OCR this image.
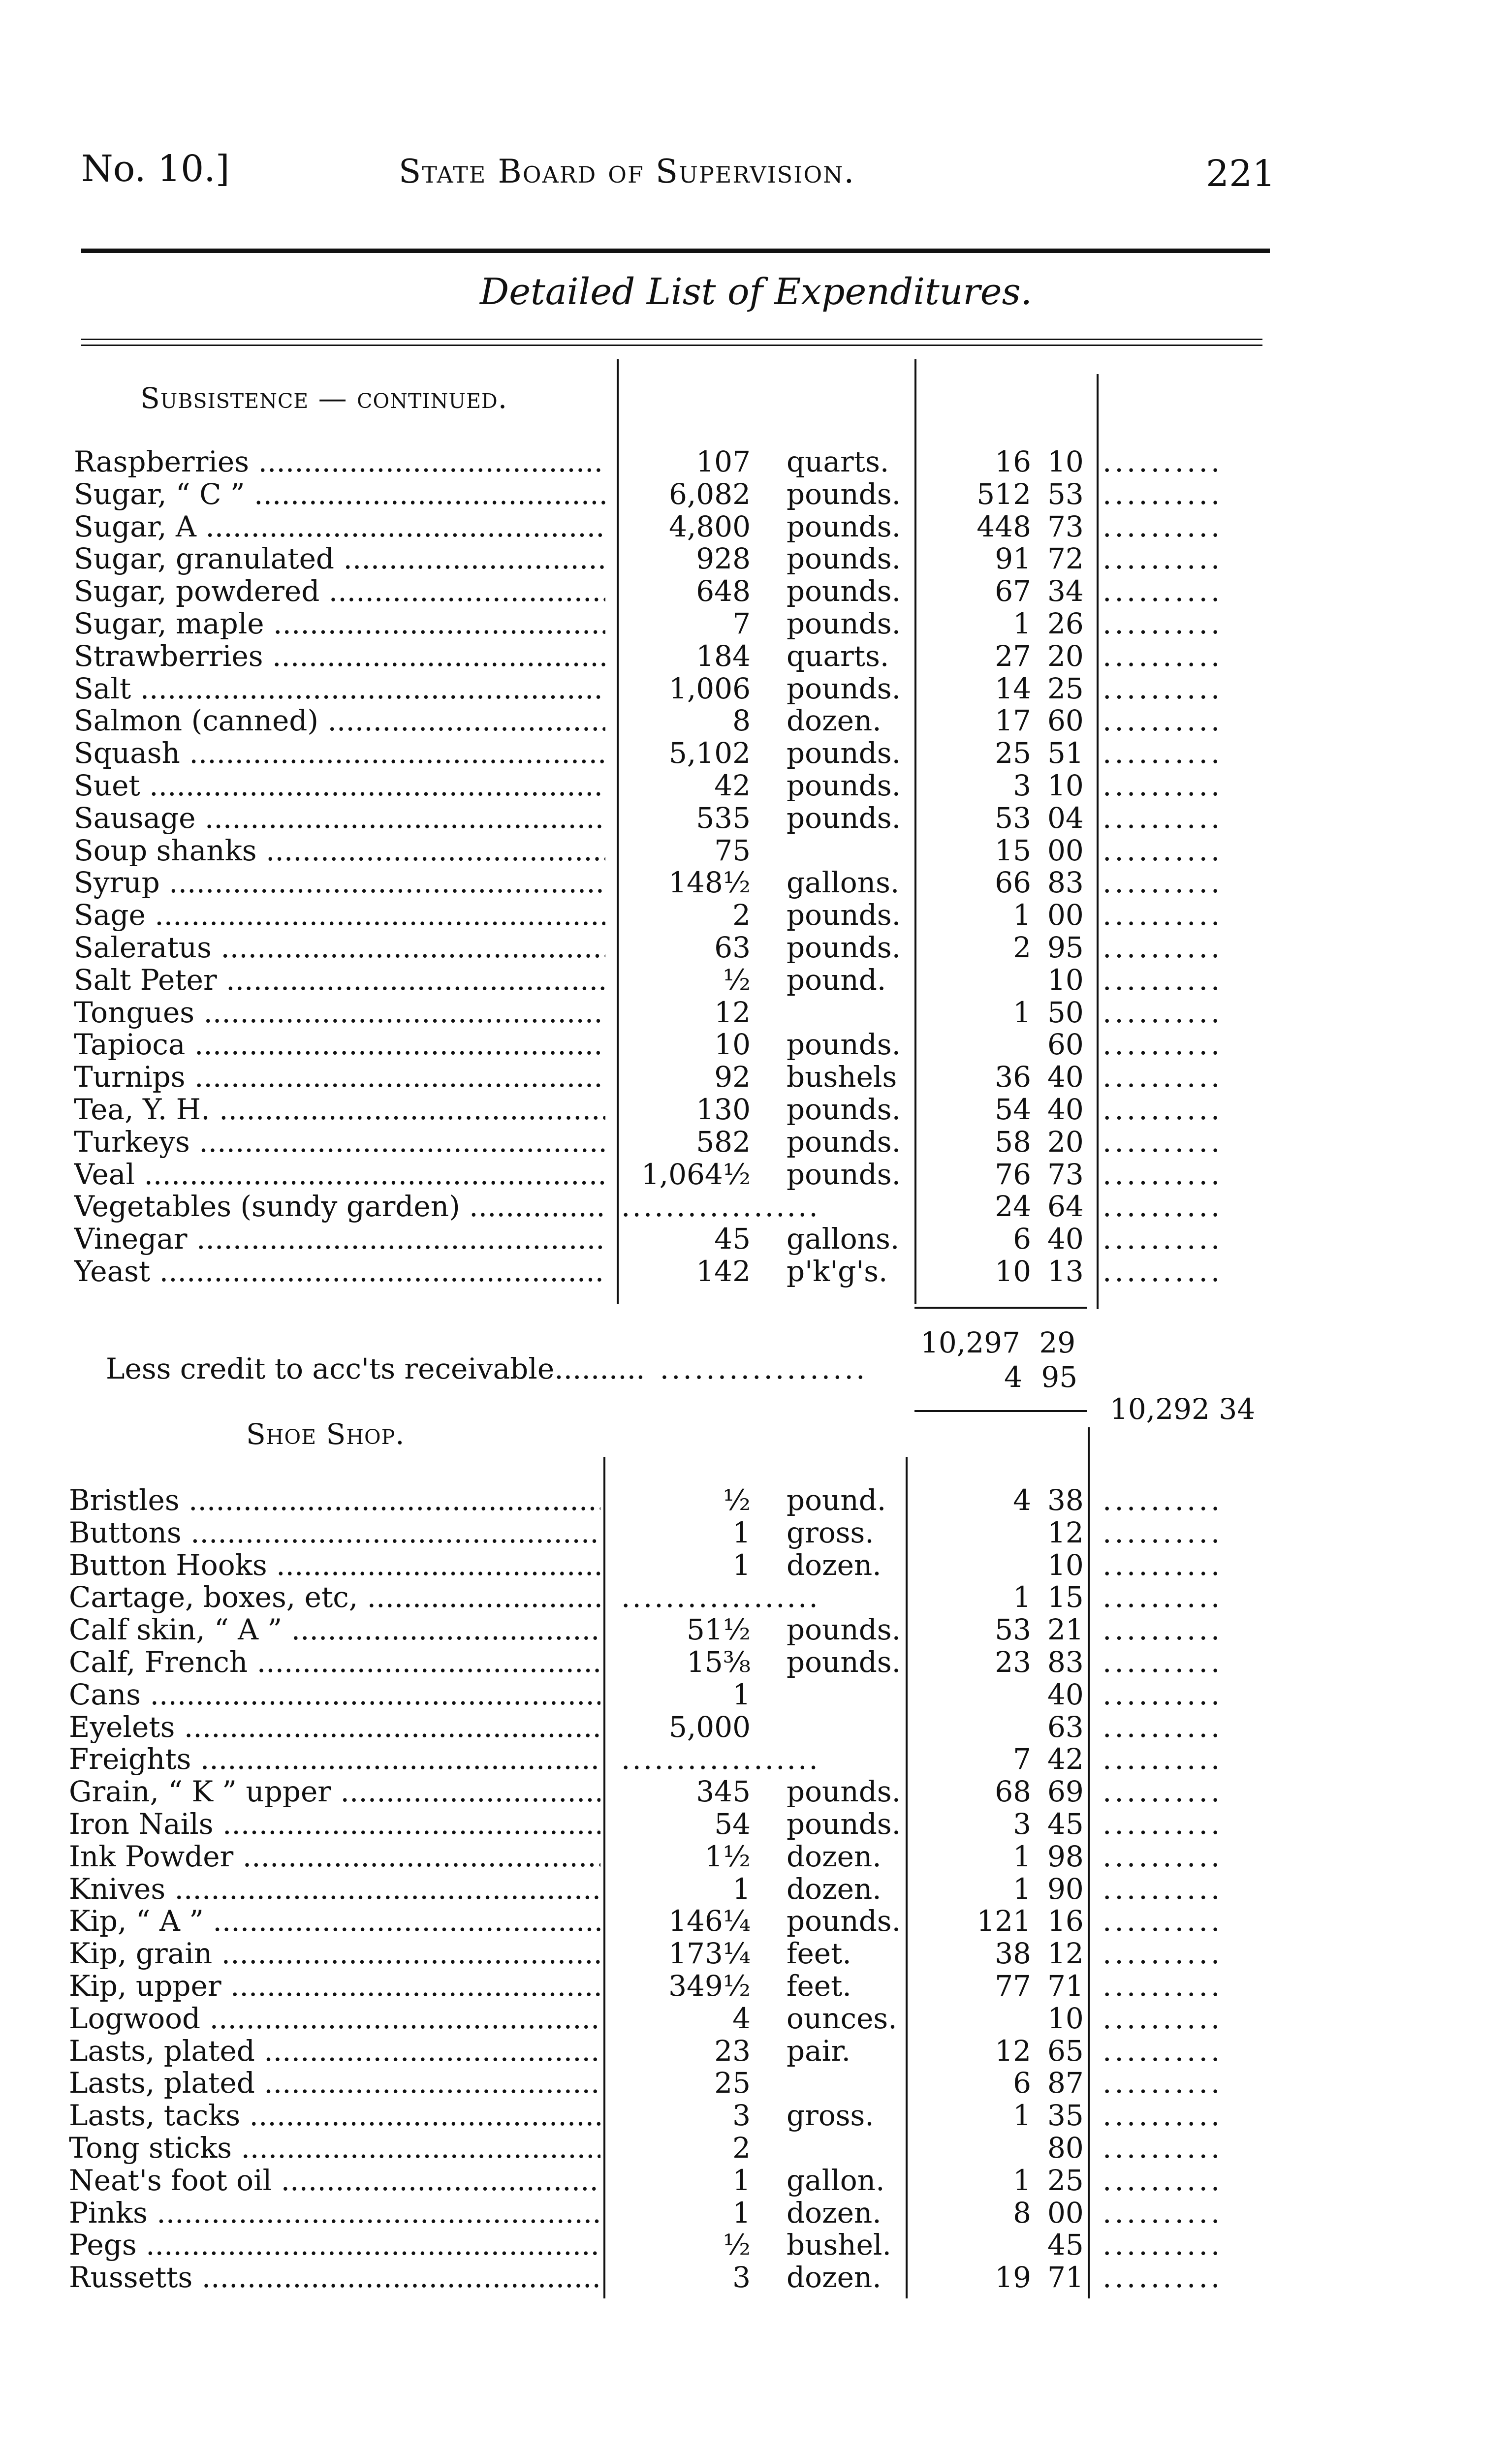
No. 10.]	State Board of Supervision.	221
Detailed List of Expenditures.
Subsistence — continued.
Raspberries .....	107 quarts.	16 10 ..........
Sugar, “ C ” .....	6,082 pounds.	512 53 ..........
Sugar, A .....	4,800 pounds.	448 73 ..........
Sugar, granulated .....	928 pounds.	91 72 ..........
Sugar, powdered .....	648 pounds.	67 34 ..........
Sugar, maple .....	7 pounds.	1 26 ..........
Strawberries .....	184 quarts.	27 20 ..........
Salt .....	1,006 pounds.	14 25 ..........
Salmon (canned) .....	8 dozen.	17 60 ..........
Squash .....	5,102 pounds.	25 51 ..........
Suet .....	42 pounds.	3 10 ..........
Sausage .....	535 pounds.	53 04 ..........
Soup shanks .....	75	15 00 ..........
Syrup .....	148½ gallons.	66 83 ..........
Sage .....	2 pounds.	1 00 ..........
Saleratus .....	63 pounds.	2 95 ..........
Salt Peter .....	½ pound.	10 ..........
Tongues .....	12	1 50 ..........
Tapioca .....	10 pounds.	60 ..........
Turnips .....	92 bushels	36 40 ..........
Tea, Y. H. .....	130 pounds.	54 40 ..........
Turkeys .....	582 pounds.	58 20 ..........
Veal .....	1,064½ pounds.	76 73 ..........
Vegetables (sundy garden) .....	..................	24 64 ..........
Vinegar .....	45 gallons.	6 40 ..........
Yeast .....	142 p'k'g's.	10 13 ..........
10,297 29
Less credit to acc'ts receivable.......... ..................	4 95
10,292 34
Shoe Shop.
Bristles .....	½ pound.	4 38 ..........
Buttons .....	1 gross.	12 ..........
Button Hooks .....	1 dozen.	10 ..........
Cartage, boxes, etc, .....	..................	1 15 ..........
Calf skin, “ A ” .....	51½ pounds.	53 21 ..........
Calf, French .....	15⅜ pounds.	23 83 ..........
Cans .....	1	40 ..........
Eyelets .....	5,000	63 ..........
Freights .....	..................	7 42 ..........
Grain, “ K ” upper .....	345 pounds.	68 69 ..........
Iron Nails .....	54 pounds.	3 45 ..........
Ink Powder .....	1½ dozen.	1 98 ..........
Knives .....	1 dozen.	1 90 ..........
Kip, “ A ” .....	146¼ pounds.	121 16 ..........
Kip, grain .....	173¼ feet.	38 12 ..........
Kip, upper .....	349½ feet.	77 71 ..........
Logwood .....	4 ounces.	10 ..........
Lasts, plated .....	23 pair.	12 65 ..........
Lasts, plated .....	25	6 87 ..........
Lasts, tacks .....	3 gross.	1 35 ..........
Tong sticks .....	2	80 ..........
Neat's foot oil .....	1 gallon.	1 25 ..........
Pinks .....	1 dozen.	8 00 ..........
Pegs .....	½ bushel.	45 ..........
Russetts .....	3 dozen.	19 71 ..........
